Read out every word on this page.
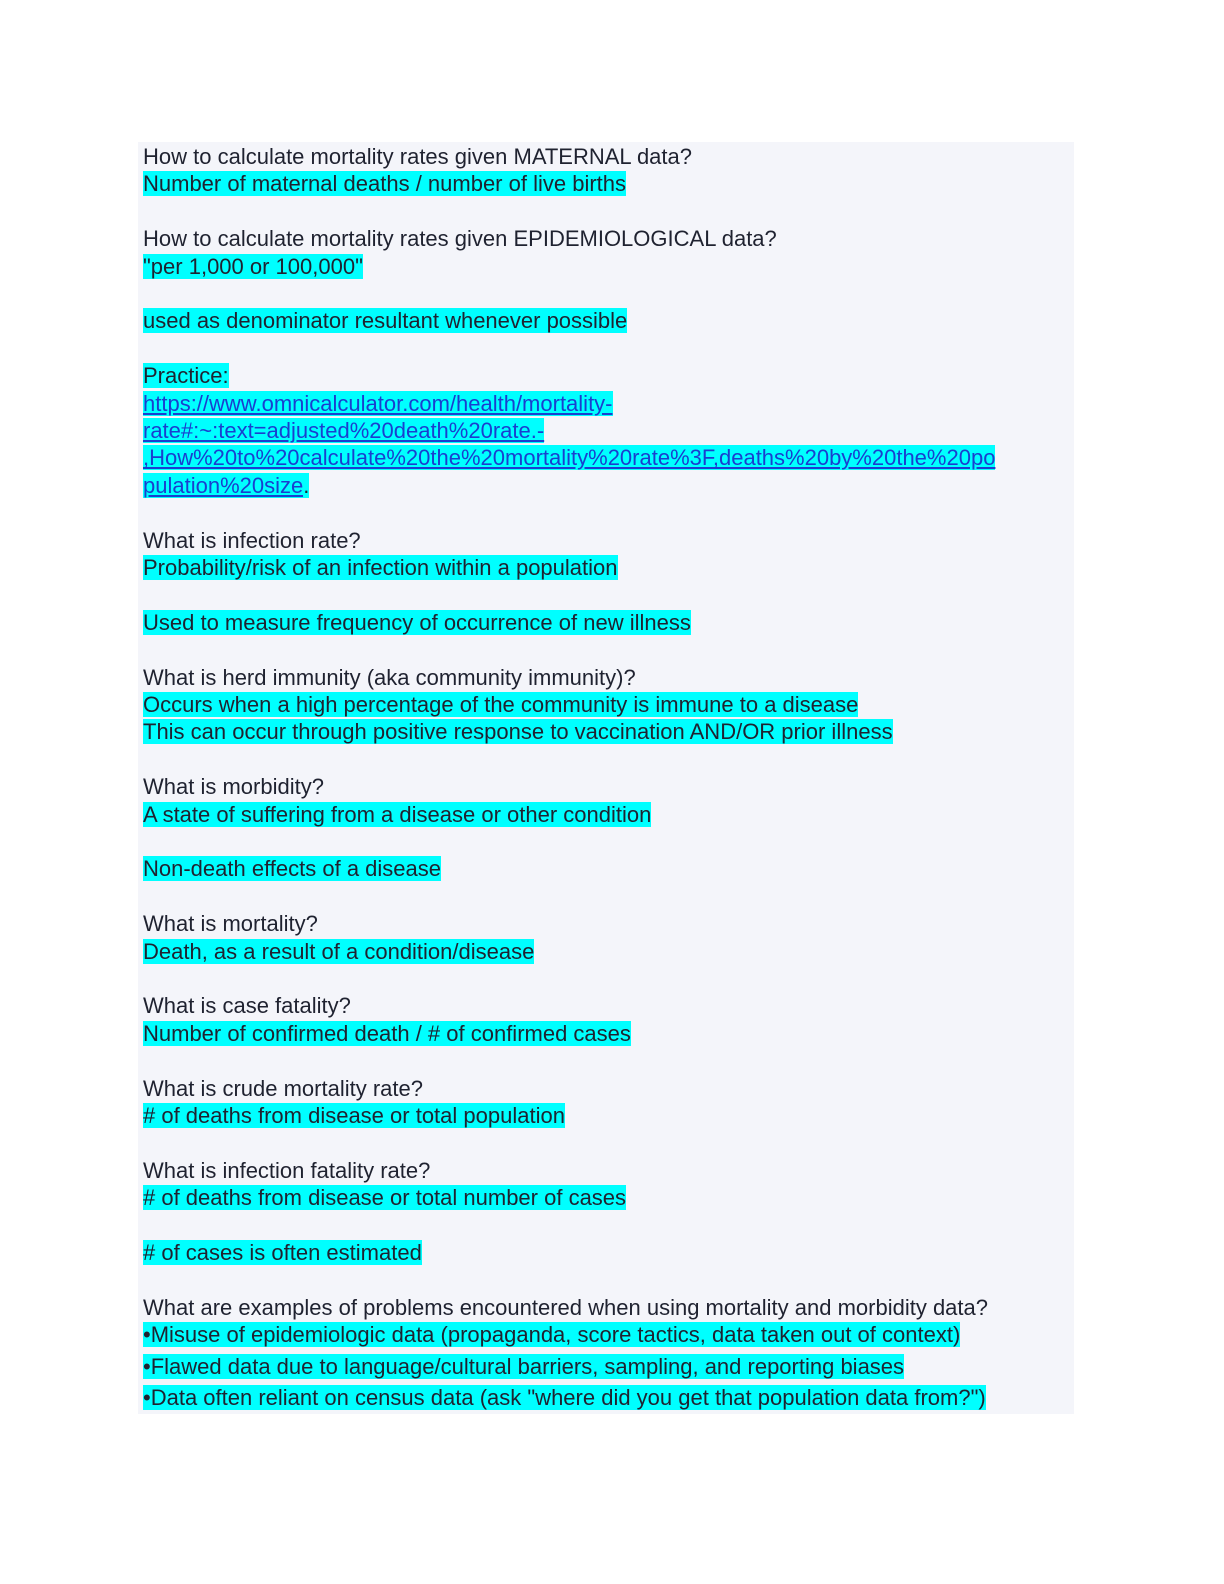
How to calculate mortality rates given MATERNAL data?
Number of maternal deaths / number of live births
How to calculate mortality rates given EPIDEMIOLOGICAL data?
"per 1,000 or 100,000"
used as denominator resultant whenever possible
Practice:
https://www.omnicalculator.com/health/mortality-
rate#:~:text=adjusted%20death%20rate.-
,How%20to%20calculate%20the%20mortality%20rate%3F,deaths%20by%20the%20po
pulation%20size.
What is infection rate?
Probability/risk of an infection within a population
Used to measure frequency of occurrence of new illness
What is herd immunity (aka community immunity)?
Occurs when a high percentage of the community is immune to a disease
This can occur through positive response to vaccination AND/OR prior illness
What is morbidity?
A state of suffering from a disease or other condition
Non-death effects of a disease
What is mortality?
Death, as a result of a condition/disease
What is case fatality?
Number of confirmed death / # of confirmed cases
What is crude mortality rate?
# of deaths from disease or total population
What is infection fatality rate?
# of deaths from disease or total number of cases
# of cases is often estimated
What are examples of problems encountered when using mortality and morbidity data?
•Misuse of epidemiologic data (propaganda, score tactics, data taken out of context)
•Flawed data due to language/cultural barriers, sampling, and reporting biases
•Data often reliant on census data (ask "where did you get that population data from?")
